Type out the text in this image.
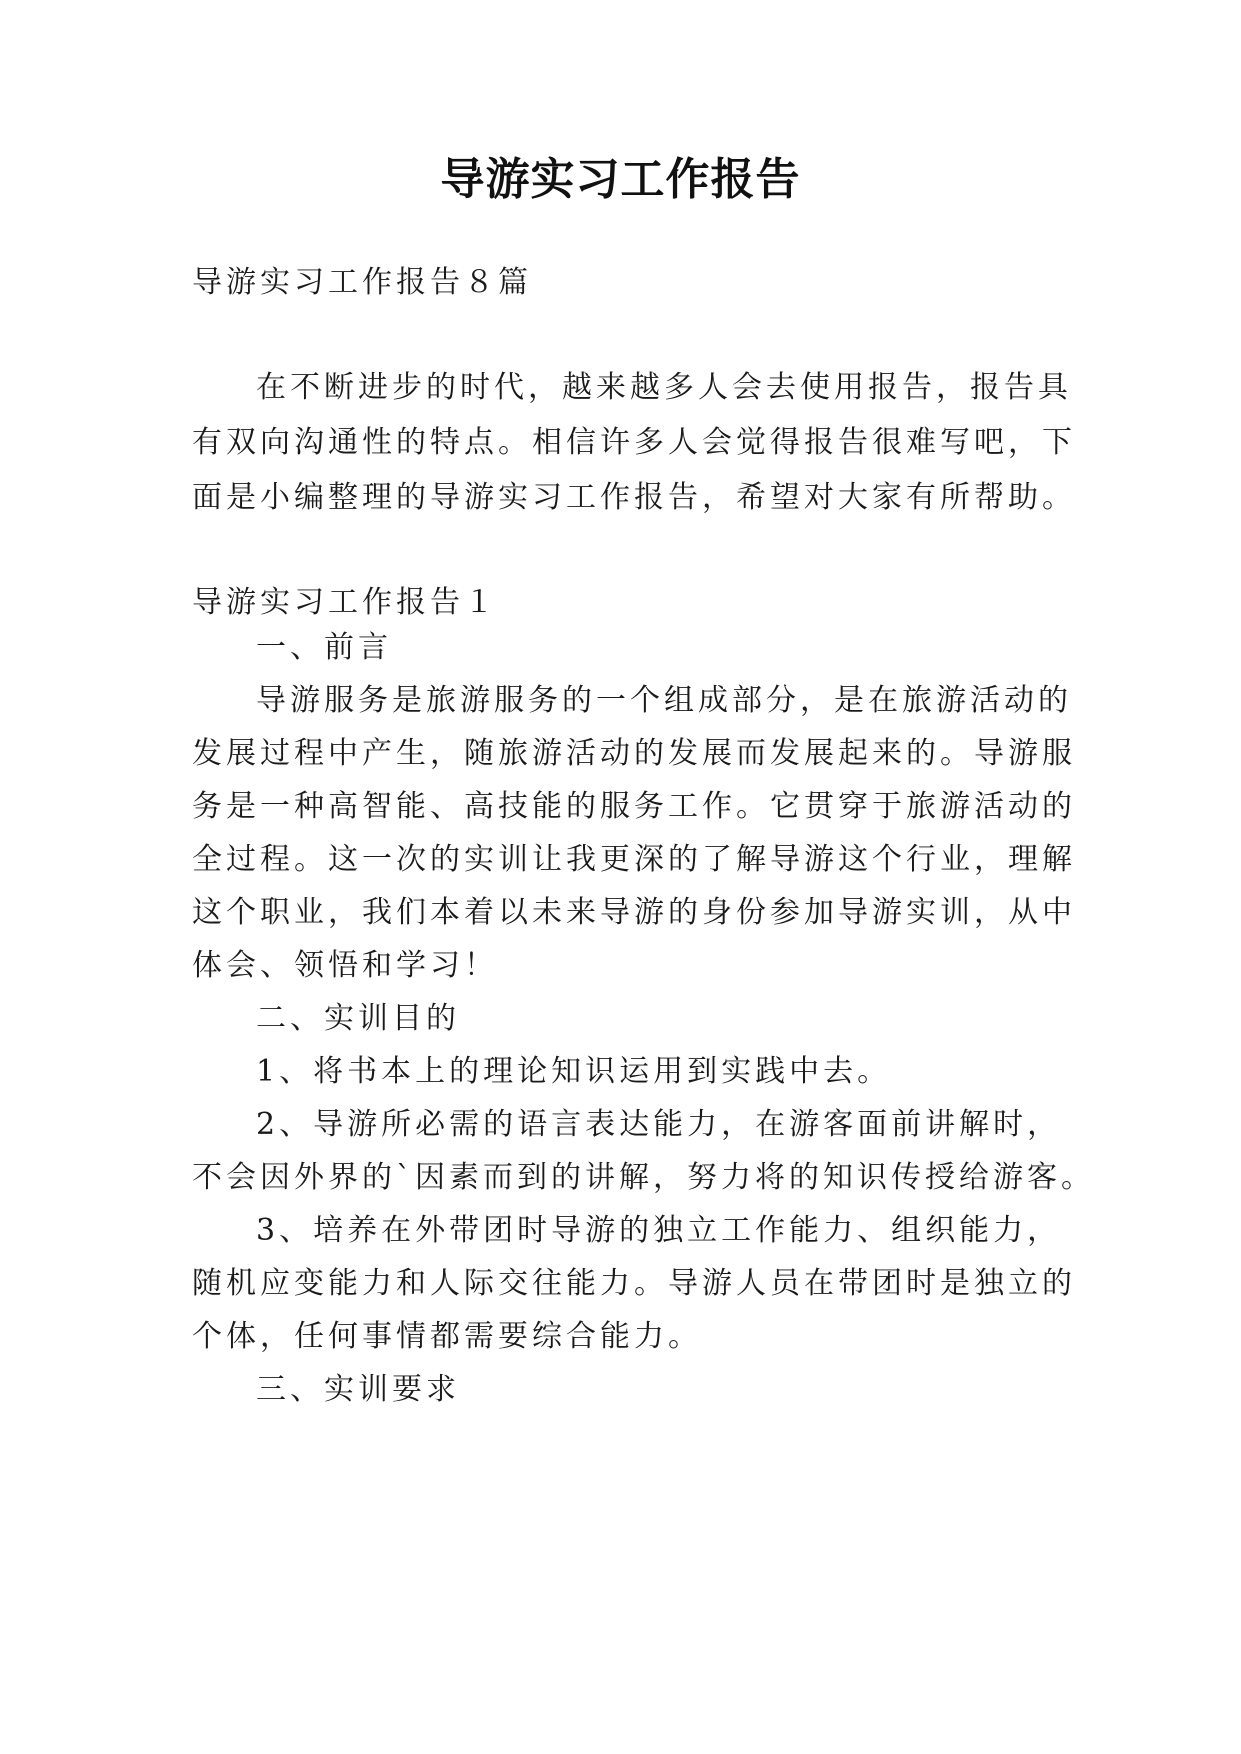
导游实习工作报告
导游实习工作报告８篇
在不断进步的时代，越来越多人会去使用报告，报告具
有双向沟通性的特点。相信许多人会觉得报告很难写吧，下
面是小编整理的导游实习工作报告，希望对大家有所帮助。
导游实习工作报告１
一、前言
导游服务是旅游服务的一个组成部分，是在旅游活动的
发展过程中产生，随旅游活动的发展而发展起来的。导游服
务是一种高智能、高技能的服务工作。它贯穿于旅游活动的
全过程。这一次的实训让我更深的了解导游这个行业，理解
这个职业，我们本着以未来导游的身份参加导游实训，从中
体会、领悟和学习！
二、实训目的
1、将书本上的理论知识运用到实践中去。
2、导游所必需的语言表达能力，在游客面前讲解时，
不会因外界的`因素而到的讲解，努力将的知识传授给游客。
3、培养在外带团时导游的独立工作能力、组织能力，
随机应变能力和人际交往能力。导游人员在带团时是独立的
个体，任何事情都需要综合能力。
三、实训要求
